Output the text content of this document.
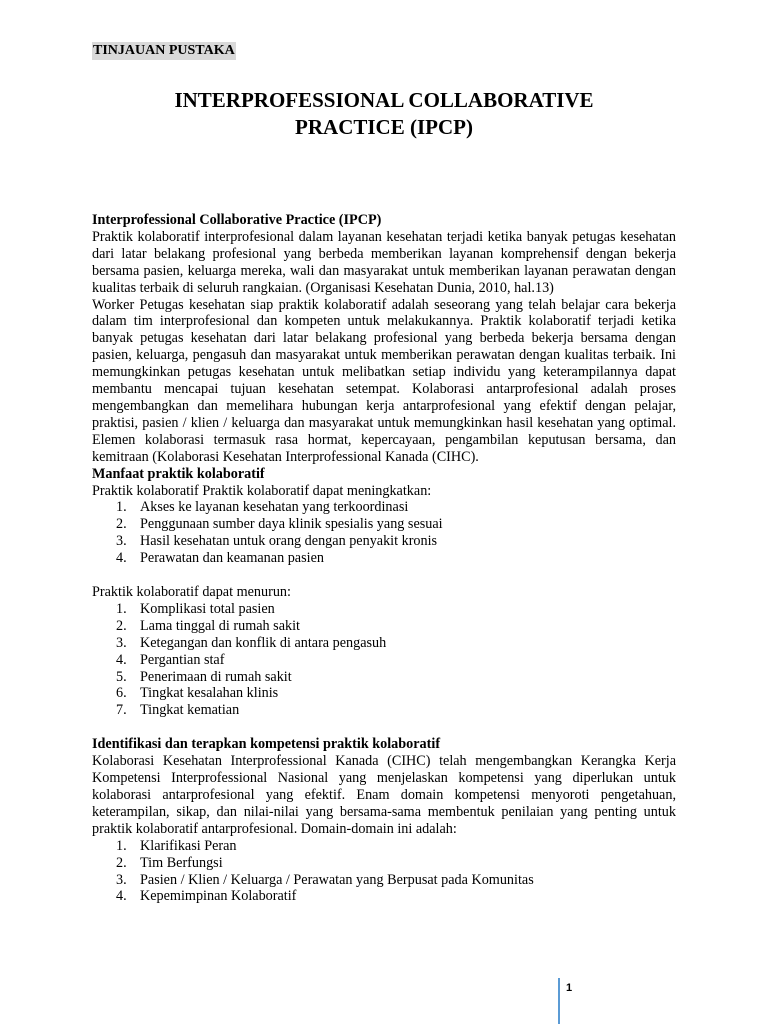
TINJAUAN PUSTAKA
INTERPROFESSIONAL COLLABORATIVE
PRACTICE (IPCP)

Interprofessional Collaborative Practice (IPCP)

Praktik kolaboratif interprofesional dalam layanan kesehatan terjadi ketika banyak petugas kesehatan dari latar belakang profesional yang berbeda memberikan layanan komprehensif dengan bekerja bersama pasien, keluarga mereka, wali dan masyarakat untuk memberikan layanan perawatan dengan kualitas terbaik di seluruh rangkaian. (Organisasi Kesehatan Dunia, 2010, hal.13)

Worker Petugas kesehatan siap praktik kolaboratif adalah seseorang yang telah belajar cara bekerja dalam tim interprofesional dan kompeten untuk melakukannya. Praktik kolaboratif terjadi ketika banyak petugas kesehatan dari latar belakang profesional yang berbeda bekerja bersama dengan pasien, keluarga, pengasuh dan masyarakat untuk memberikan perawatan dengan kualitas terbaik. Ini memungkinkan petugas kesehatan untuk melibatkan setiap individu yang keterampilannya dapat membantu mencapai tujuan kesehatan setempat. Kolaborasi antarprofesional adalah proses mengembangkan dan memelihara hubungan kerja antarprofesional yang efektif dengan pelajar, praktisi, pasien / klien / keluarga dan masyarakat untuk memungkinkan hasil kesehatan yang optimal. Elemen kolaborasi termasuk rasa hormat, kepercayaan, pengambilan keputusan bersama, dan kemitraan (Kolaborasi Kesehatan Interprofessional Kanada (CIHC).

Manfaat praktik kolaboratif

Praktik kolaboratif Praktik kolaboratif dapat meningkatkan:

1. Akses ke layanan kesehatan yang terkoordinasi
2. Penggunaan sumber daya klinik spesialis yang sesuai
3. Hasil kesehatan untuk orang dengan penyakit kronis
4. Perawatan dan keamanan pasien

Praktik kolaboratif dapat menurun:

1. Komplikasi total pasien
2. Lama tinggal di rumah sakit
3. Ketegangan dan konflik di antara pengasuh
4. Pergantian staf
5. Penerimaan di rumah sakit
6. Tingkat kesalahan klinis
7. Tingkat kematian

Identifikasi dan terapkan kompetensi praktik kolaboratif

Kolaborasi Kesehatan Interprofessional Kanada (CIHC) telah mengembangkan Kerangka Kerja Kompetensi Interprofessional Nasional yang menjelaskan kompetensi yang diperlukan untuk kolaborasi antarprofesional yang efektif. Enam domain kompetensi menyoroti pengetahuan, keterampilan, sikap, dan nilai-nilai yang bersama-sama membentuk penilaian yang penting untuk praktik kolaboratif antarprofesional. Domain-domain ini adalah:

1. Klarifikasi Peran
2. Tim Berfungsi
3. Pasien / Klien / Keluarga / Perawatan yang Berpusat pada Komunitas
4. Kepemimpinan Kolaboratif
1
